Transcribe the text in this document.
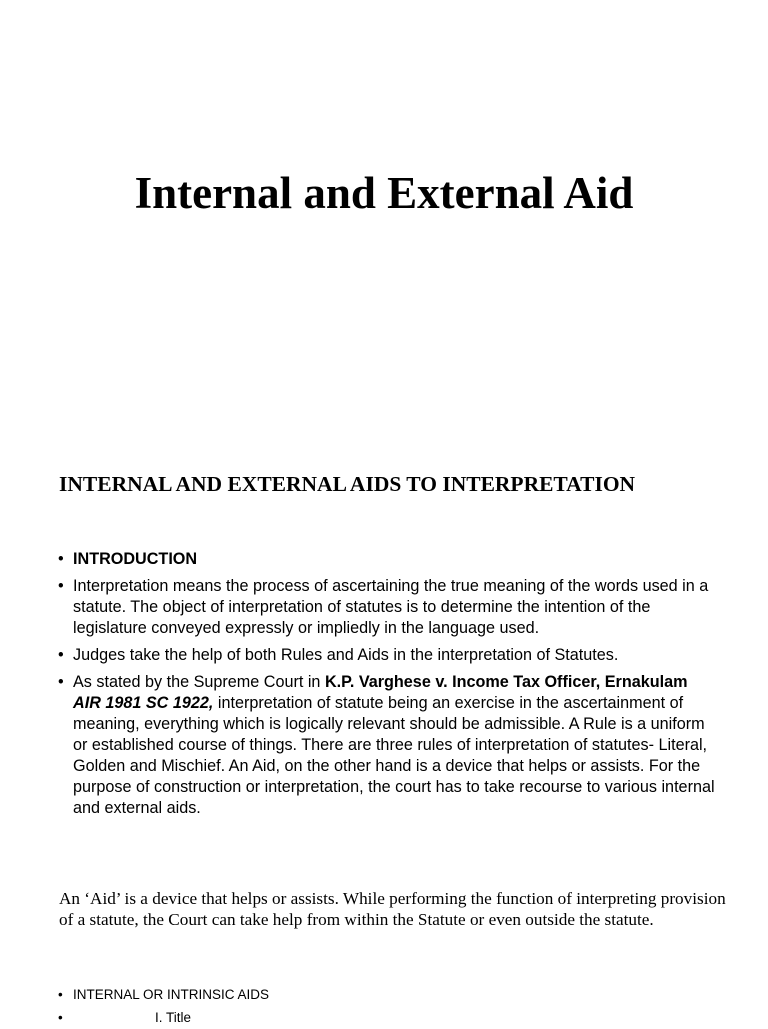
Internal and External Aid
INTERNAL AND EXTERNAL AIDS TO INTERPRETATION
• INTRODUCTION
• Interpretation means the process of ascertaining the true meaning of the words used in a statute. The object of interpretation of statutes is to determine the intention of the legislature conveyed expressly or impliedly in the language used.
• Judges take the help of both Rules and Aids in the interpretation of Statutes.
• As stated by the Supreme Court in K.P. Varghese v. Income Tax Officer, Ernakulam
AIR 1981 SC 1922, interpretation of statute being an exercise in the ascertainment of meaning, everything which is logically relevant should be admissible. A Rule is a uniform or established course of things. There are three rules of interpretation of statutes- Literal, Golden and Mischief. An Aid, on the other hand is a device that helps or assists. For the purpose of construction or interpretation, the court has to take recourse to various internal and external aids.
An ‘Aid’ is a device that helps or assists. While performing the function of interpreting provision of a statute, the Court can take help from within the Statute or even outside the statute.
• INTERNAL OR INTRINSIC AIDS
•	I. Title
